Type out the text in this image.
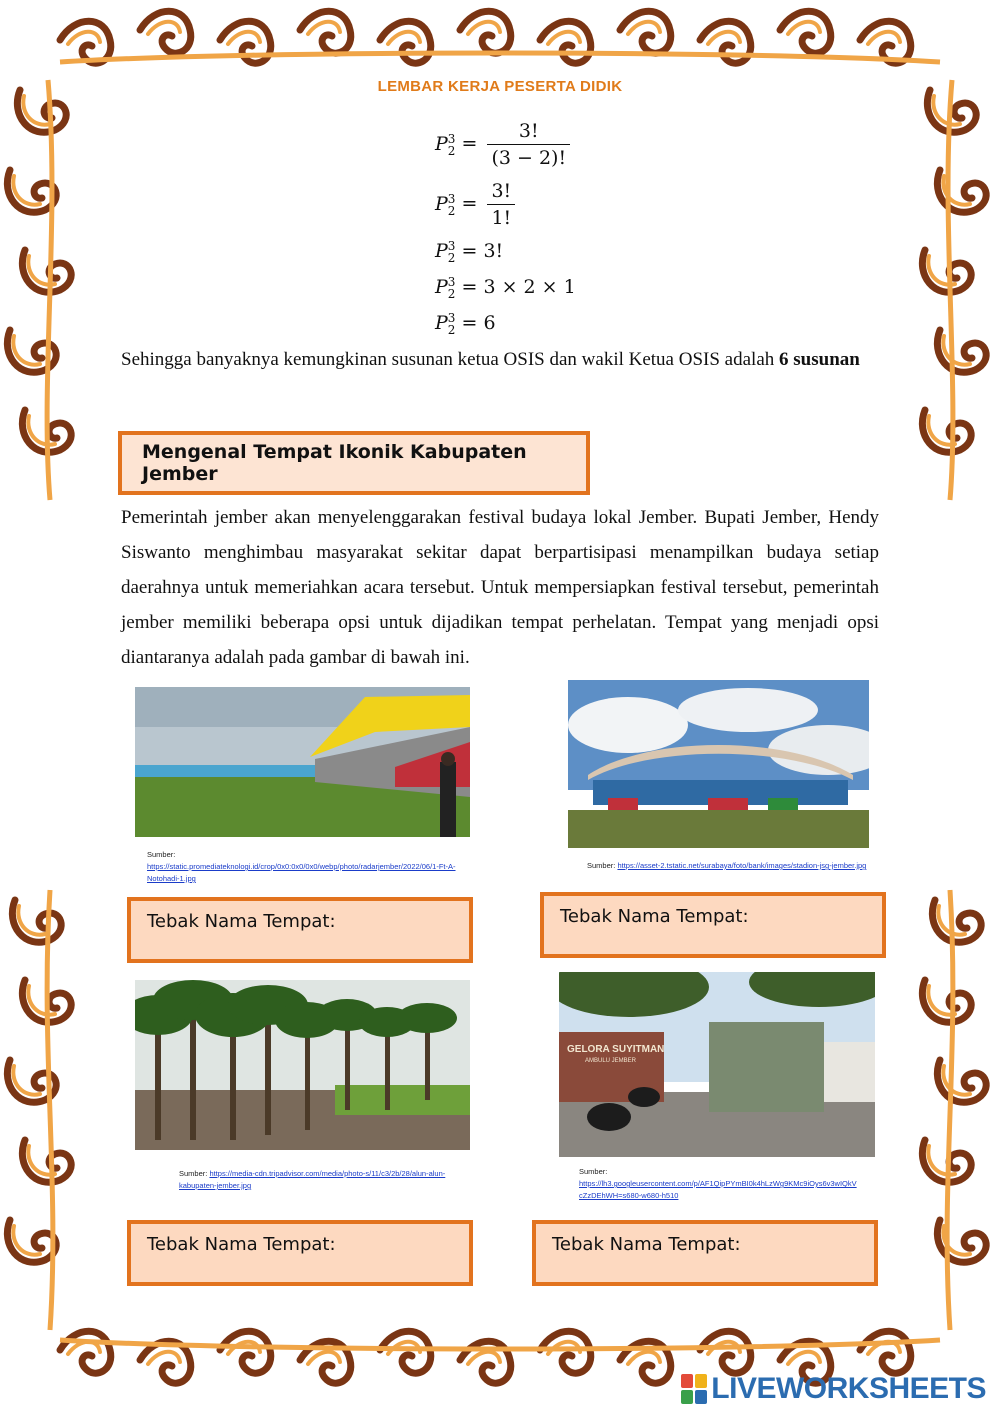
LEMBAR KERJA PESERTA DIDIK
P 3
$2 = \frac{3!}{(3 - 2)!}$
P 3
$2 = \frac{3!}{1!}$
P 3
2 = 3!
P 3
2 = 3 × 2 × 1
P 3
2 = 6
Sehingga banyaknya kemungkinan susunan ketua OSIS dan wakil Ketua OSIS adalah 6 susunan
Mengenal Tempat Ikonik Kabupaten Jember
Pemerintah jember akan menyelenggarakan festival budaya lokal Jember. Bupati Jember, Hendy Siswanto menghimbau masyarakat sekitar dapat berpartisipasi menampilkan budaya setiap daerahnya untuk memeriahkan acara tersebut. Untuk mempersiapkan festival tersebut, pemerintah jember memiliki beberapa opsi untuk dijadikan tempat perhelatan. Tempat yang menjadi opsi diantaranya adalah pada gambar di bawah ini.
Sumber:
https://static.promediateknologi.id/crop/0x0:0x0/0x0/webp/photo/radarjember/2022/06/1-Ft-A-Notohadi-1.jpg
Tebak Nama Tempat:
Sumber: https://asset-2.tstatic.net/surabaya/foto/bank/images/stadion-jsg-jember.jpg
Tebak Nama Tempat:
Sumber: https://media-cdn.tripadvisor.com/media/photo-s/11/c3/2b/28/alun-alun-kabupaten-jember.jpg
Tebak Nama Tempat:
GELORA SUYITMAN
AMBULU JEMBER
Sumber:
https://lh3.googleusercontent.com/p/AF1QipPYmBI0k4hLzWg9KMc9iOys6v3wIQkVcZzDEhWH=s680-w680-h510
Tebak Nama Tempat:
LIVEWORKSHEETS
